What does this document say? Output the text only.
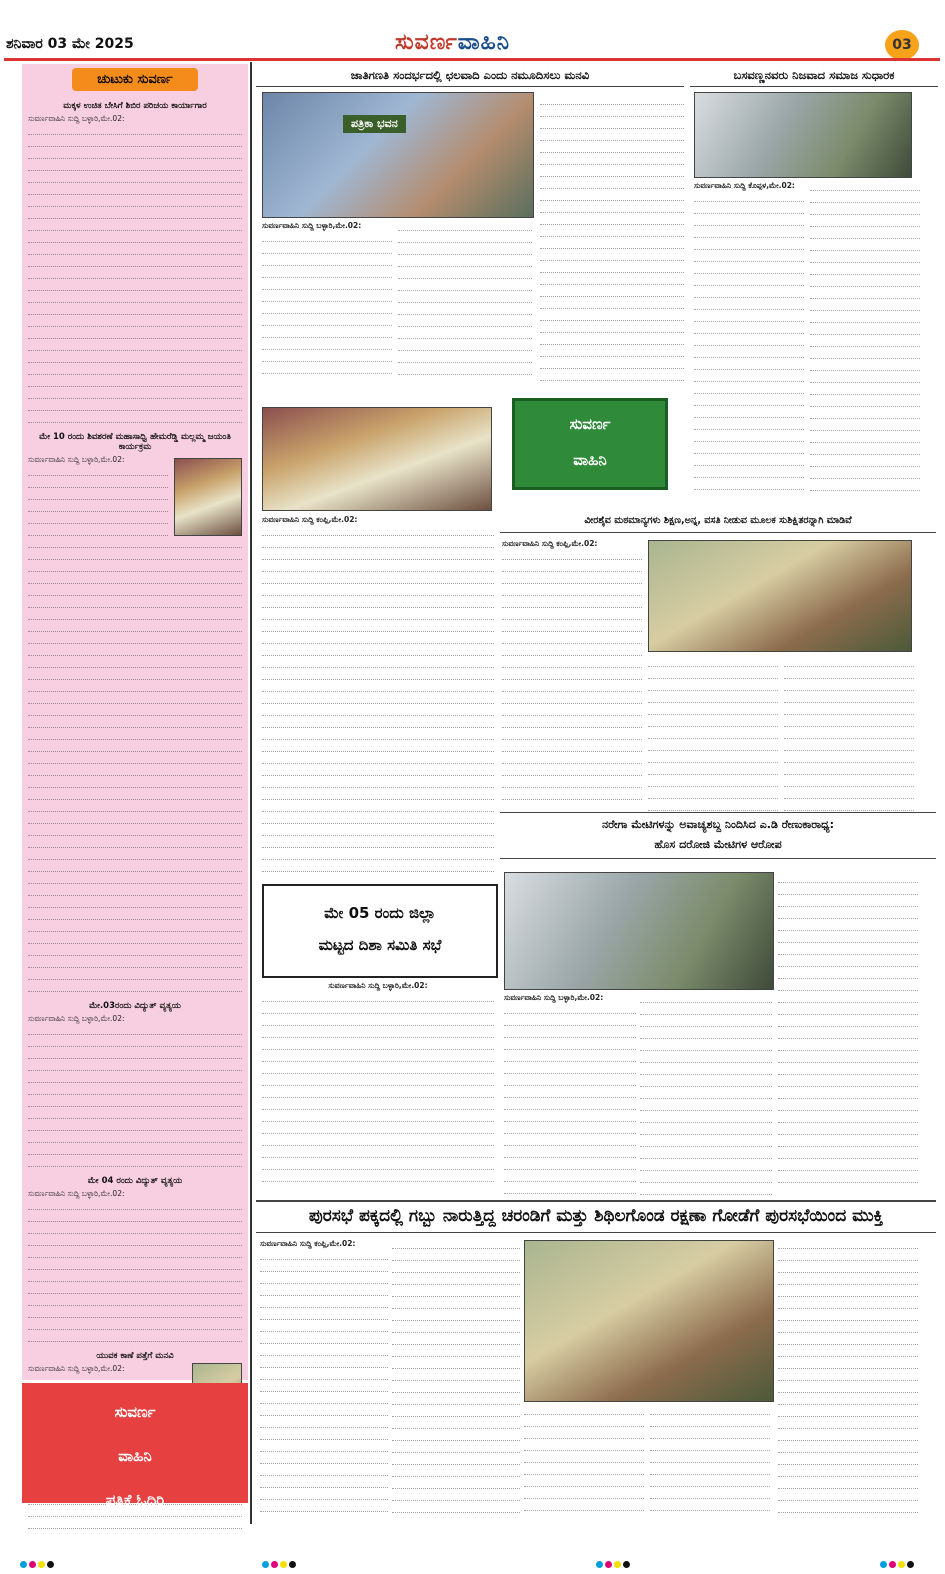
ಶನಿವಾರ 03 ಮೇ 2025	ಸುವರ್ಣವಾಹಿನಿ	03
ಚುಟುಕು ಸುವರ್ಣ
ಮಕ್ಕಳ ಉಚಿತ ಬೇಸಿಗೆ ಶಿಬಿರ ಪರಿಚಯ ಕಾರ್ಯಾಗಾರ
ಸುವರ್ಣವಾಹಿನಿ ಸುದ್ದಿ ಬಳ್ಳಾರಿ,ಮೇ.02:
ಮೇ 10 ರಂದು ಶಿವಶರಣೆ ಮಹಾಸಾಧ್ವಿ ಹೇಮರೆಡ್ಡಿ ಮಲ್ಲಮ್ಮ ಜಯಂತಿ ಕಾರ್ಯಕ್ರಮ
ಸುವರ್ಣವಾಹಿನಿ ಸುದ್ದಿ ಬಳ್ಳಾರಿ,ಮೇ.02:
ಮೇ.03ರಂದು ವಿದ್ಯುತ್ ವ್ಯತ್ಯಯ
ಸುವರ್ಣವಾಹಿನಿ ಸುದ್ದಿ ಬಳ್ಳಾರಿ,ಮೇ.02:
ಮೇ 04 ರಂದು ವಿದ್ಯುತ್ ವ್ಯತ್ಯಯ
ಸುವರ್ಣವಾಹಿನಿ ಸುದ್ದಿ ಬಳ್ಳಾರಿ,ಮೇ.02:
ಯುವಕ ಕಾಣೆ ಪತ್ತೆಗೆ ಮನವಿ
ಸುವರ್ಣವಾಹಿನಿ ಸುದ್ದಿ ಬಳ್ಳಾರಿ,ಮೇ.02:
ಸುವರ್ಣ
ವಾಹಿನಿ
ಪತ್ರಿಕೆ ಓದಿರಿ
ಜಾತಿಗಣತಿ ಸಂದರ್ಭದಲ್ಲಿ ಛಲವಾದಿ ಎಂದು ನಮೂದಿಸಲು ಮನವಿ
ಪತ್ರಿಕಾ ಭವನ
ಸುವರ್ಣವಾಹಿನಿ ಸುದ್ದಿ ಬಳ್ಳಾರಿ,ಮೇ.02:
ಬಸವಣ್ಣನವರು ನಿಜವಾದ ಸಮಾಜ ಸುಧಾರಕ
ಸುವರ್ಣವಾಹಿನಿ ಸುದ್ದಿ ಕೊಪ್ಪಳ,ಮೇ.02:
ಸುವರ್ಣವಾಹಿನಿ ಸುದ್ದಿ ಕಂಪ್ಲಿ,ಮೇ.02:
ಸುವರ್ಣ
ವಾಹಿನಿ
ಪತ್ರಿಕೆ ಓದಿರಿ
ವೀರಶೈವ ಮಠಮಾನ್ಯಗಳು ಶಿಕ್ಷಣ,ಅನ್ನ, ವಸತಿ ನೀಡುವ ಮೂಲಕ ಸುಶಿಕ್ಷಿತರನ್ನಾಗಿ ಮಾಡಿವೆ
ಸುವರ್ಣವಾಹಿನಿ ಸುದ್ದಿ ಕಂಪ್ಲಿ,ಮೇ.02:
ನರೇಗಾ ಮೇಟಿಗಳನ್ನು ಅವಾಚ್ಯಶಬ್ದ ನಿಂದಿಸಿದ ಎ.ಡಿ ರೇಣುಕಾರಾಧ್ಯ:
ಹೊಸ ದರೋಜಿ ಮೇಟಿಗಳ ಆರೋಪ
ಸುವರ್ಣವಾಹಿನಿ ಸುದ್ದಿ ಬಳ್ಳಾರಿ,ಮೇ.02:
ಮೇ 05 ರಂದು ಜಿಲ್ಲಾ
ಮಟ್ಟದ ದಿಶಾ ಸಮಿತಿ ಸಭೆ
ಸುವರ್ಣವಾಹಿನಿ ಸುದ್ದಿ ಬಳ್ಳಾರಿ,ಮೇ.02:
ಪುರಸಭೆ ಪಕ್ಕದಲ್ಲಿ ಗಬ್ಬು ನಾರುತ್ತಿದ್ದ ಚರಂಡಿಗೆ ಮತ್ತು ಶಿಥಿಲಗೊಂಡ ರಕ್ಷಣಾ ಗೋಡೆಗೆ ಪುರಸಭೆಯಿಂದ ಮುಕ್ತಿ
ಸುವರ್ಣವಾಹಿನಿ ಸುದ್ದಿ ಕಂಪ್ಲಿ,ಮೇ.02:
